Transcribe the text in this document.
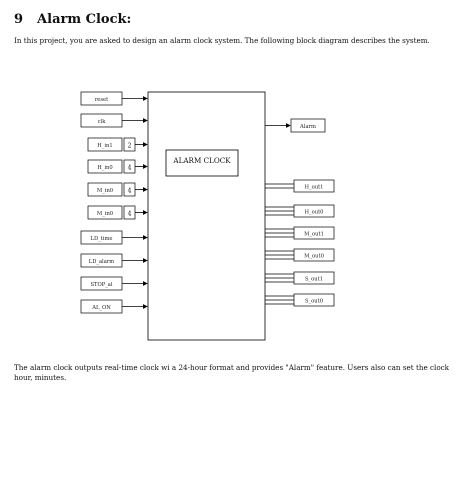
9 Alarm Clock:
In this project, you are asked to design an alarm clock system. The following block diagram describes the system.
ALARM CLOCK
reset
clk
H_in1 2
H_in0 4
M_in0 4
M_in0 4
LD_time
LD_alarm
STOP_al
AL_ON
Alarm
H_out1
H_out0
M_out1
M_out0
S_out1
S_out0
The alarm clock outputs real-time clock wi a 24-hour format and provides "Alarm" feature. Users also can set the clock hour, minutes.
